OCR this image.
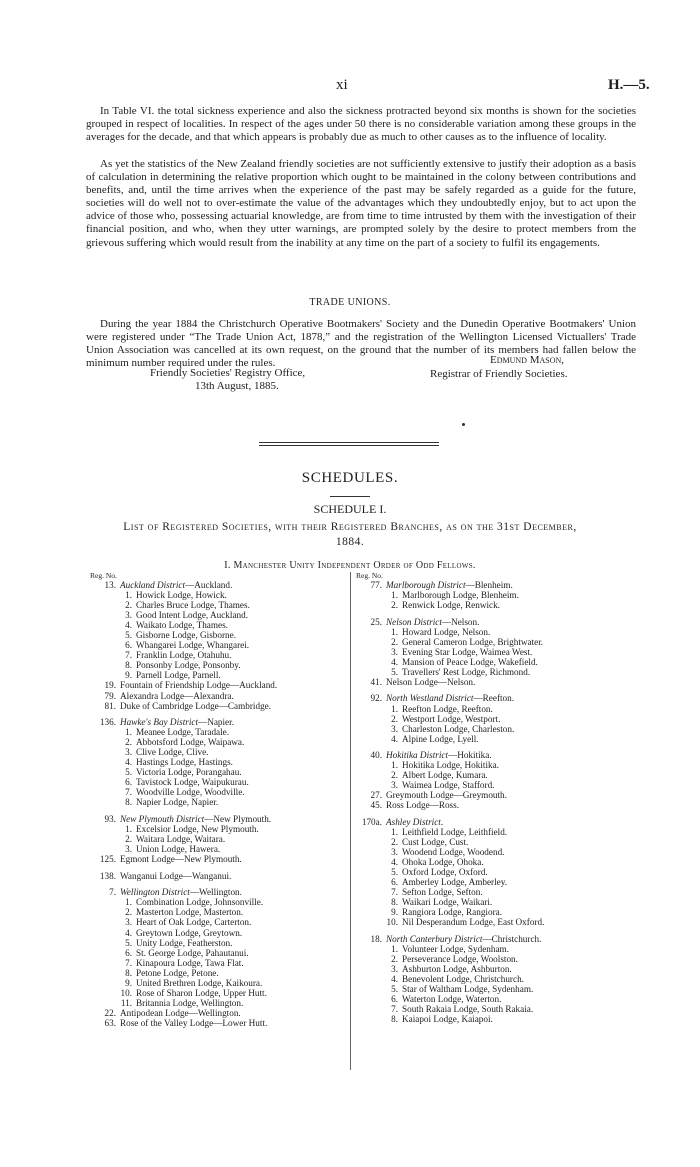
xi	H.—5.

In Table VI. the total sickness experience and also the sickness protracted beyond six months is shown for the societies grouped in respect of localities. In respect of the ages under 50 there is no considerable variation among these groups in the averages for the decade, and that which appears is probably due as much to other causes as to the influence of locality.

As yet the statistics of the New Zealand friendly societies are not sufficiently extensive to justify their adoption as a basis of calculation in determining the relative proportion which ought to be maintained in the colony between contributions and benefits, and, until the time arrives when the experience of the past may be safely regarded as a guide for the future, societies will do well not to over-estimate the value of the advantages which they undoubtedly enjoy, but to act upon the advice of those who, possessing actuarial knowledge, are from time to time intrusted by them with the investigation of their financial position, and who, when they utter warnings, are prompted solely by the desire to protect members from the grievous suffering which would result from the inability at any time on the part of a society to fulfil its engagements.

TRADE UNIONS.

During the year 1884 the Christchurch Operative Bootmakers' Society and the Dunedin Operative Bootmakers' Union were registered under “The Trade Union Act, 1878,” and the registration of the Wellington Licensed Victuallers' Trade Union Association was cancelled at its own request, on the ground that the number of its members had fallen below the minimum number required under the rules.

Friendly Societies' Registry Office,
13th August, 1885.
Edmund Mason,
Registrar of Friendly Societies.
SCHEDULES.
SCHEDULE I.
List of Registered Societies, with their Registered Branches, as on the 31st December,
1884.
I. Manchester Unity Independent Order of Odd Fellows.
Reg. No.
13. Auckland District—Auckland.
1. Howick Lodge, Howick.
2. Charles Bruce Lodge, Thames.
3. Good Intent Lodge, Auckland.
4. Waikato Lodge, Thames.
5. Gisborne Lodge, Gisborne.
6. Whangarei Lodge, Whangarei.
7. Franklin Lodge, Otahuhu.
8. Ponsonby Lodge, Ponsonby.
9. Parnell Lodge, Parnell.
19. Fountain of Friendship Lodge—Auckland.
79. Alexandra Lodge—Alexandra.
81. Duke of Cambridge Lodge—Cambridge.
136. Hawke's Bay District—Napier.
1. Meanee Lodge, Taradale.
2. Abbotsford Lodge, Waipawa.
3. Clive Lodge, Clive.
4. Hastings Lodge, Hastings.
5. Victoria Lodge, Porangahau.
6. Tavistock Lodge, Waipukurau.
7. Woodville Lodge, Woodville.
8. Napier Lodge, Napier.
93. New Plymouth District—New Plymouth.
1. Excelsior Lodge, New Plymouth.
2. Waitara Lodge, Waitara.
3. Union Lodge, Hawera.
125. Egmont Lodge—New Plymouth.
138. Wanganui Lodge—Wanganui.
7. Wellington District—Wellington.
1. Combination Lodge, Johnsonville.
2. Masterton Lodge, Masterton.
3. Heart of Oak Lodge, Carterton.
4. Greytown Lodge, Greytown.
5. Unity Lodge, Featherston.
6. St. George Lodge, Pahautanui.
7. Kinapoura Lodge, Tawa Flat.
8. Petone Lodge, Petone.
9. United Brethren Lodge, Kaikoura.
10. Rose of Sharon Lodge, Upper Hutt.
11. Britannia Lodge, Wellington.
22. Antipodean Lodge—Wellington.
63. Rose of the Valley Lodge—Lower Hutt.
Reg. No.
77. Marlborough District—Blenheim.
1. Marlborough Lodge, Blenheim.
2. Renwick Lodge, Renwick.
25. Nelson District—Nelson.
1. Howard Lodge, Nelson.
2. General Cameron Lodge, Brightwater.
3. Evening Star Lodge, Waimea West.
4. Mansion of Peace Lodge, Wakefield.
5. Travellers' Rest Lodge, Richmond.
41. Nelson Lodge—Nelson.
92. North Westland District—Reefton.
1. Reefton Lodge, Reefton.
2. Westport Lodge, Westport.
3. Charleston Lodge, Charleston.
4. Alpine Lodge, Lyell.
40. Hokitika District—Hokitika.
1. Hokitika Lodge, Hokitika.
2. Albert Lodge, Kumara.
3. Waimea Lodge, Stafford.
27. Greymouth Lodge—Greymouth.
45. Ross Lodge—Ross.
170a. Ashley District.
1. Leithfield Lodge, Leithfield.
2. Cust Lodge, Cust.
3. Woodend Lodge, Woodend.
4. Ohoka Lodge, Ohoka.
5. Oxford Lodge, Oxford.
6. Amberley Lodge, Amberley.
7. Sefton Lodge, Sefton.
8. Waikari Lodge, Waikari.
9. Rangiora Lodge, Rangiora.
10. Nil Desperandum Lodge, East Oxford.
18. North Canterbury District—Christchurch.
1. Volunteer Lodge, Sydenham.
2. Perseverance Lodge, Woolston.
3. Ashburton Lodge, Ashburton.
4. Benevolent Lodge, Christchurch.
5. Star of Waltham Lodge, Sydenham.
6. Waterton Lodge, Waterton.
7. South Rakaia Lodge, South Rakaia.
8. Kaiapoi Lodge, Kaiapoi.
